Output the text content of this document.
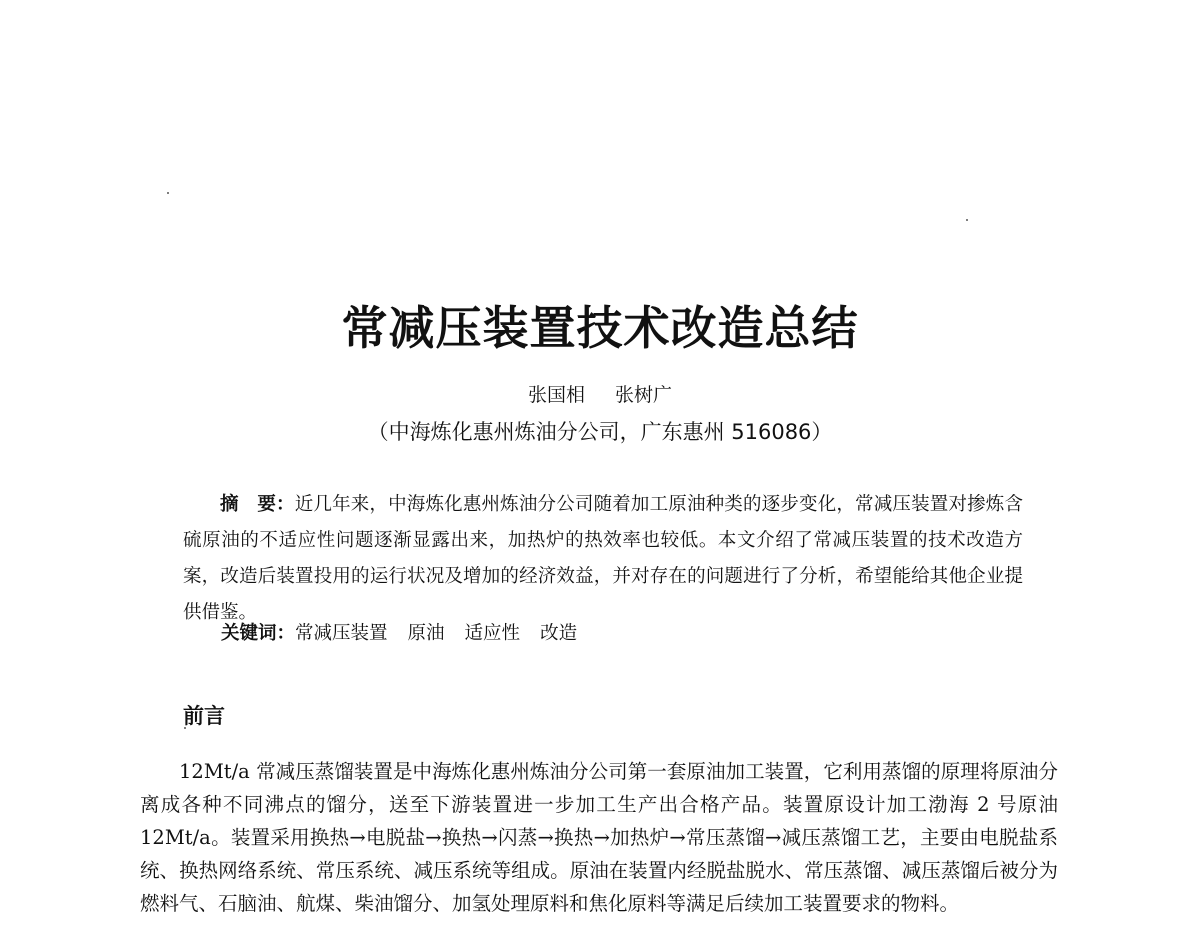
常减压装置技术改造总结
张国相 张树广
（中海炼化惠州炼油分公司，广东惠州 516086）

摘　要：近几年来，中海炼化惠州炼油分公司随着加工原油种类的逐步变化，常减压装置对掺炼含硫原油的不适应性问题逐渐显露出来，加热炉的热效率也较低。本文介绍了常减压装置的技术改造方案，改造后装置投用的运行状况及增加的经济效益，并对存在的问题进行了分析，希望能给其他企业提供借鉴。

关键词：常减压装置 原油 适应性 改造
前言

12Mt/a 常减压蒸馏装置是中海炼化惠州炼油分公司第一套原油加工装置，它利用蒸馏的原理将原油分离成各种不同沸点的馏分，送至下游装置进一步加工生产出合格产品。装置原设计加工渤海 2 号原油 12Mt/a。装置采用换热→电脱盐→换热→闪蒸→换热→加热炉→常压蒸馏→减压蒸馏工艺，主要由电脱盐系统、换热网络系统、常压系统、减压系统等组成。原油在装置内经脱盐脱水、常压蒸馏、减压蒸馏后被分为燃料气、石脑油、航煤、柴油馏分、加氢处理原料和焦化原料等满足后续加工装置要求的物料。
